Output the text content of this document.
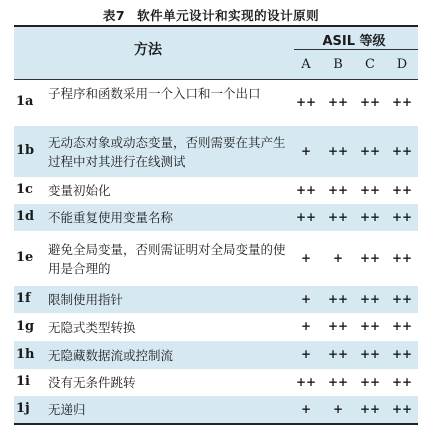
表7 软件单元设计和实现的设计原则
方法
ASIL 等级
A	B	C	D
1a
子程序和函数采用一个入口和一个出口
++ ++ ++ ++
1b
无动态对象或动态变量，否则需要在其产生过程中对其进行在线测试
+	++ ++ ++
1c 变量初始化	++ ++ ++ ++
1d 不能重复使用变量名称	++ ++ ++ ++
1e
避免全局变量，否则需证明对全局变量的使用是合理的
+	+	++ ++
1f 限制使用指针	+	++ ++ ++
1g 无隐式类型转换	+	++ ++ ++
1h 无隐藏数据流或控制流	+	++ ++ ++
1i 没有无条件跳转	++ ++ ++ ++
1j 无递归	+	+	++ ++
